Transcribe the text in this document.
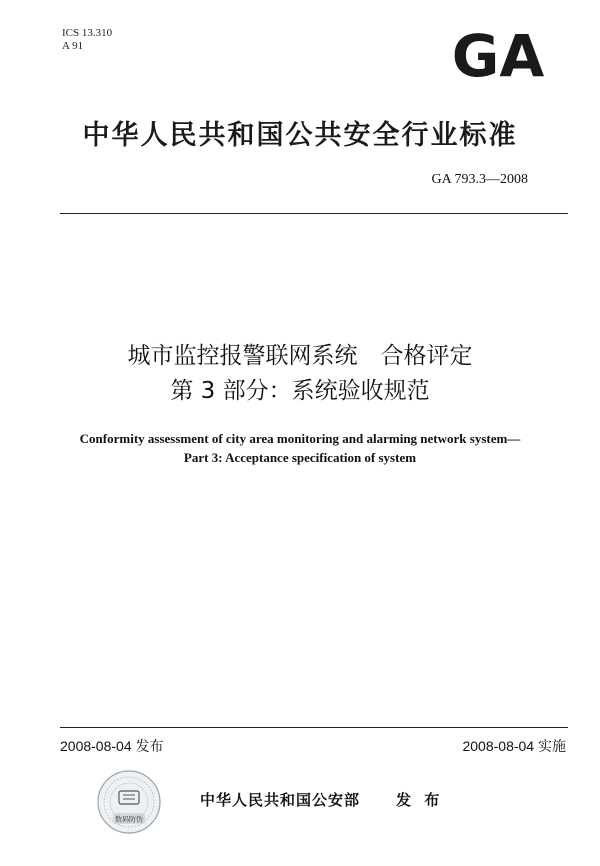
ICS 13.310
A 91	GA
中华人民共和国公共安全行业标准
GA 793.3—2008
城市监控报警联网系统　合格评定
第 3 部分：系统验收规范
Conformity assessment of city area monitoring and alarming network system—
Part 3: Acceptance specification of system
2008-08-04 发布	2008-08-04 实施
数码防伪
中华人民共和国公安部 发 布
